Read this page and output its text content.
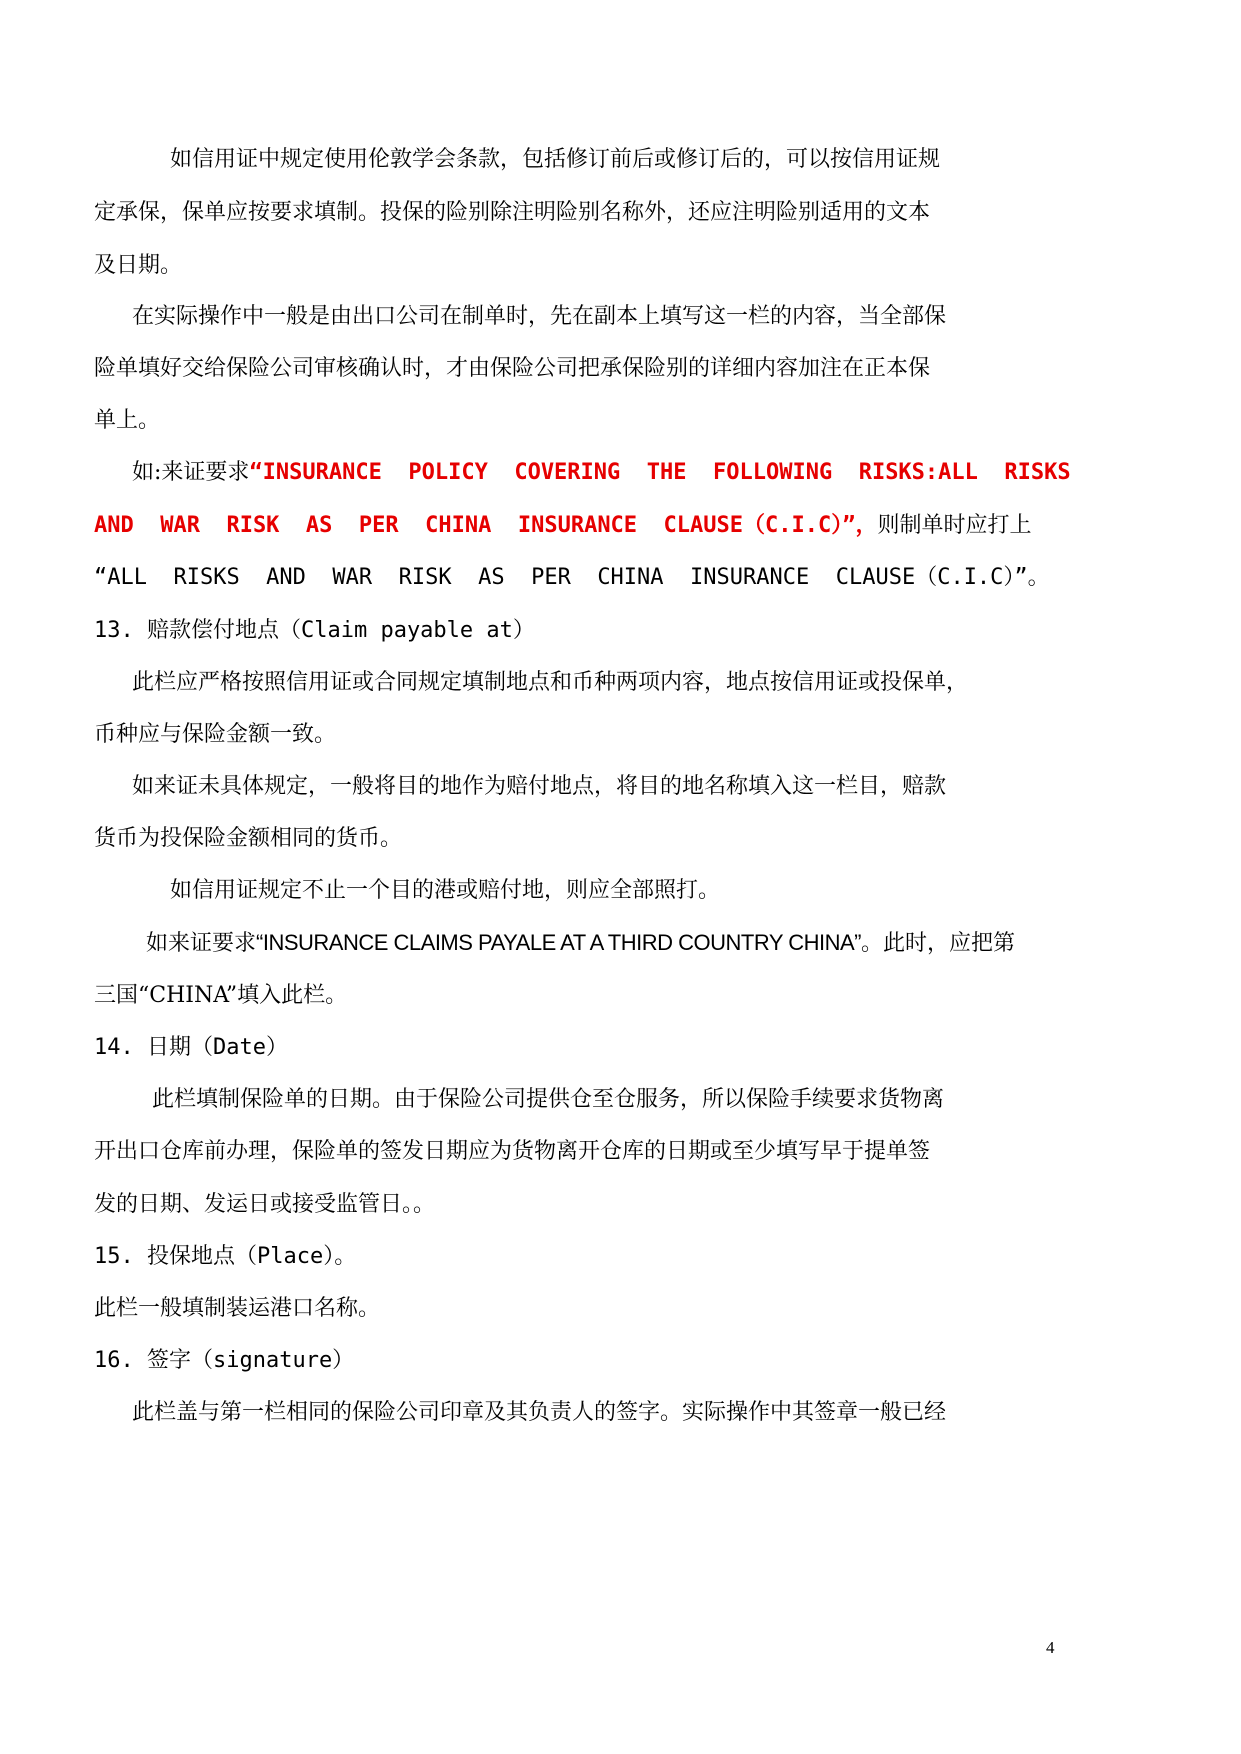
如信用证中规定使用伦敦学会条款，包括修订前后或修订后的，可以按信用证规
定承保，保单应按要求填制。投保的险别除注明险别名称外，还应注明险别适用的文本
及日期。
在实际操作中一般是由出口公司在制单时，先在副本上填写这一栏的内容，当全部保
险单填好交给保险公司审核确认时，才由保险公司把承保险别的详细内容加注在正本保
单上。
如:来证要求“INSURANCE  POLICY  COVERING  THE  FOLLOWING  RISKS:ALL  RISKS
AND  WAR  RISK  AS  PER  CHINA  INSURANCE  CLAUSE（C.I.C）”，则制单时应打上
“ALL  RISKS  AND  WAR  RISK  AS  PER  CHINA  INSURANCE  CLAUSE（C.I.C）”。
13. 赔款偿付地点（Claim payable at）
此栏应严格按照信用证或合同规定填制地点和币种两项内容，地点按信用证或投保单，
币种应与保险金额一致。
如来证未具体规定，一般将目的地作为赔付地点，将目的地名称填入这一栏目，赔款
货币为投保险金额相同的货币。
如信用证规定不止一个目的港或赔付地，则应全部照打。
如来证要求“INSURANCE CLAIMS PAYALE AT A THIRD COUNTRY CHINA”。此时，应把第
三国“CHINA”填入此栏。
14. 日期（Date）
此栏填制保险单的日期。由于保险公司提供仓至仓服务，所以保险手续要求货物离
开出口仓库前办理，保险单的签发日期应为货物离开仓库的日期或至少填写早于提单签
发的日期、发运日或接受监管日。。
15. 投保地点（Place）。
此栏一般填制装运港口名称。
16. 签字（signature）
此栏盖与第一栏相同的保险公司印章及其负责人的签字。实际操作中其签章一般已经
4
